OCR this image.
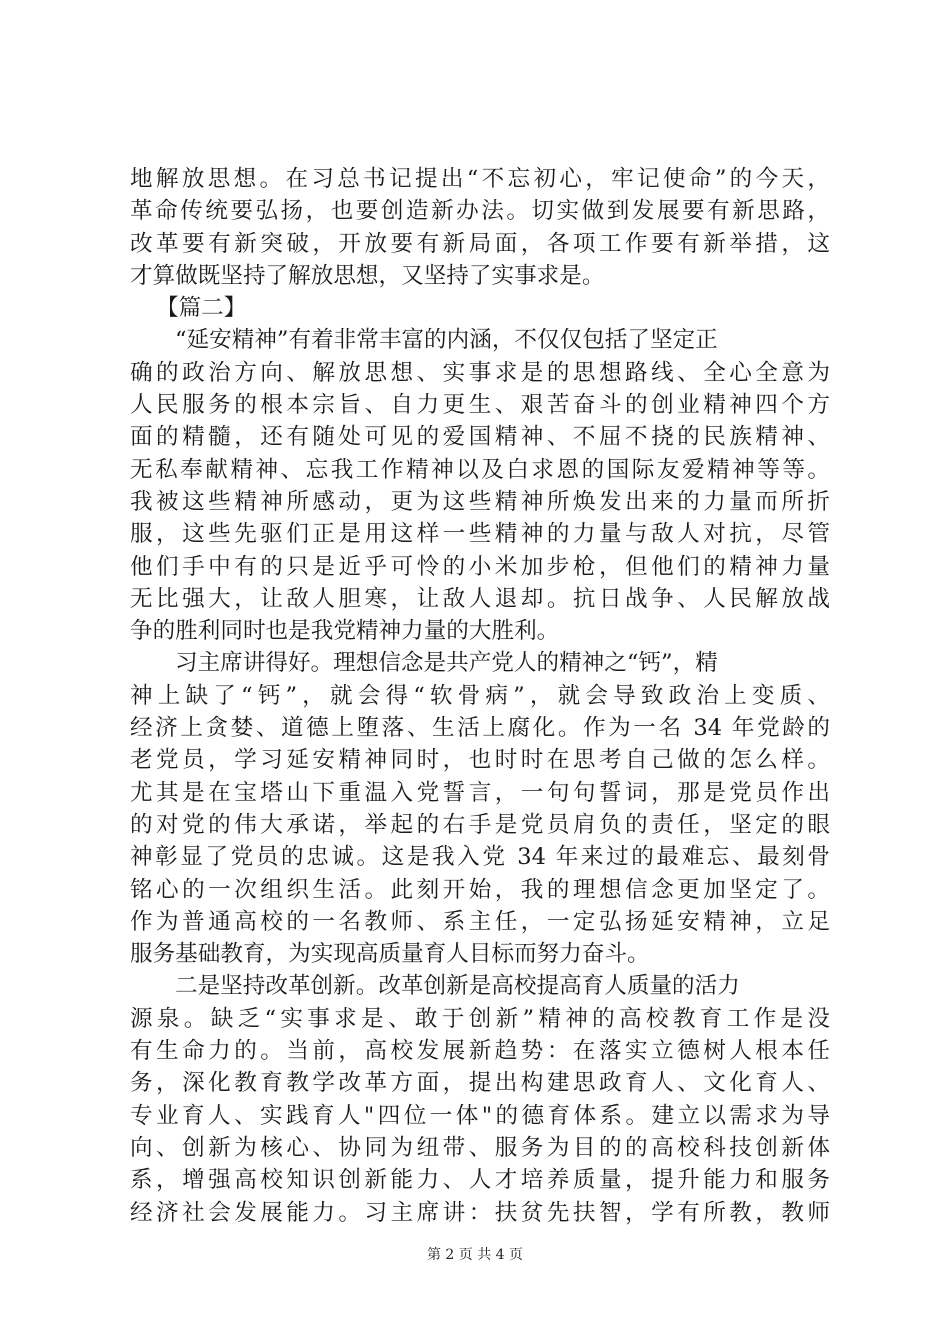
地解放思想。在习总书记提出“不忘初心，牢记使命”的今天，
革命传统要弘扬，也要创造新办法。切实做到发展要有新思路，
改革要有新突破，开放要有新局面，各项工作要有新举措，这
才算做既坚持了解放思想，又坚持了实事求是。
【篇二】
“延安精神”有着非常丰富的内涵，不仅仅包括了坚定正
确的政治方向、解放思想、实事求是的思想路线、全心全意为
人民服务的根本宗旨、自力更生、艰苦奋斗的创业精神四个方
面的精髓，还有随处可见的爱国精神、不屈不挠的民族精神、
无私奉献精神、忘我工作精神以及白求恩的国际友爱精神等等。
我被这些精神所感动，更为这些精神所焕发出来的力量而所折
服，这些先驱们正是用这样一些精神的力量与敌人对抗，尽管
他们手中有的只是近乎可怜的小米加步枪，但他们的精神力量
无比强大，让敌人胆寒，让敌人退却。抗日战争、人民解放战
争的胜利同时也是我党精神力量的大胜利。
习主席讲得好。理想信念是共产党人的精神之“钙”，精
神上缺了“钙”，就会得“软骨病”，就会导致政治上变质、
经济上贪婪、道德上堕落、生活上腐化。作为一名 34 年党龄的
老党员，学习延安精神同时，也时时在思考自己做的怎么样。
尤其是在宝塔山下重温入党誓言，一句句誓词，那是党员作出
的对党的伟大承诺，举起的右手是党员肩负的责任，坚定的眼
神彰显了党员的忠诚。这是我入党 34 年来过的最难忘、最刻骨
铭心的一次组织生活。此刻开始，我的理想信念更加坚定了。
作为普通高校的一名教师、系主任，一定弘扬延安精神，立足
服务基础教育，为实现高质量育人目标而努力奋斗。
二是坚持改革创新。改革创新是高校提高育人质量的活力
源泉。缺乏“实事求是、敢于创新”精神的高校教育工作是没
有生命力的。当前，高校发展新趋势：在落实立德树人根本任
务，深化教育教学改革方面，提出构建思政育人、文化育人、
专业育人、实践育人"四位一体"的德育体系。建立以需求为导
向、创新为核心、协同为纽带、服务为目的的高校科技创新体
系，增强高校知识创新能力、人才培养质量，提升能力和服务
经济社会发展能力。习主席讲：扶贫先扶智，学有所教，教师
第 2 页 共 4 页
